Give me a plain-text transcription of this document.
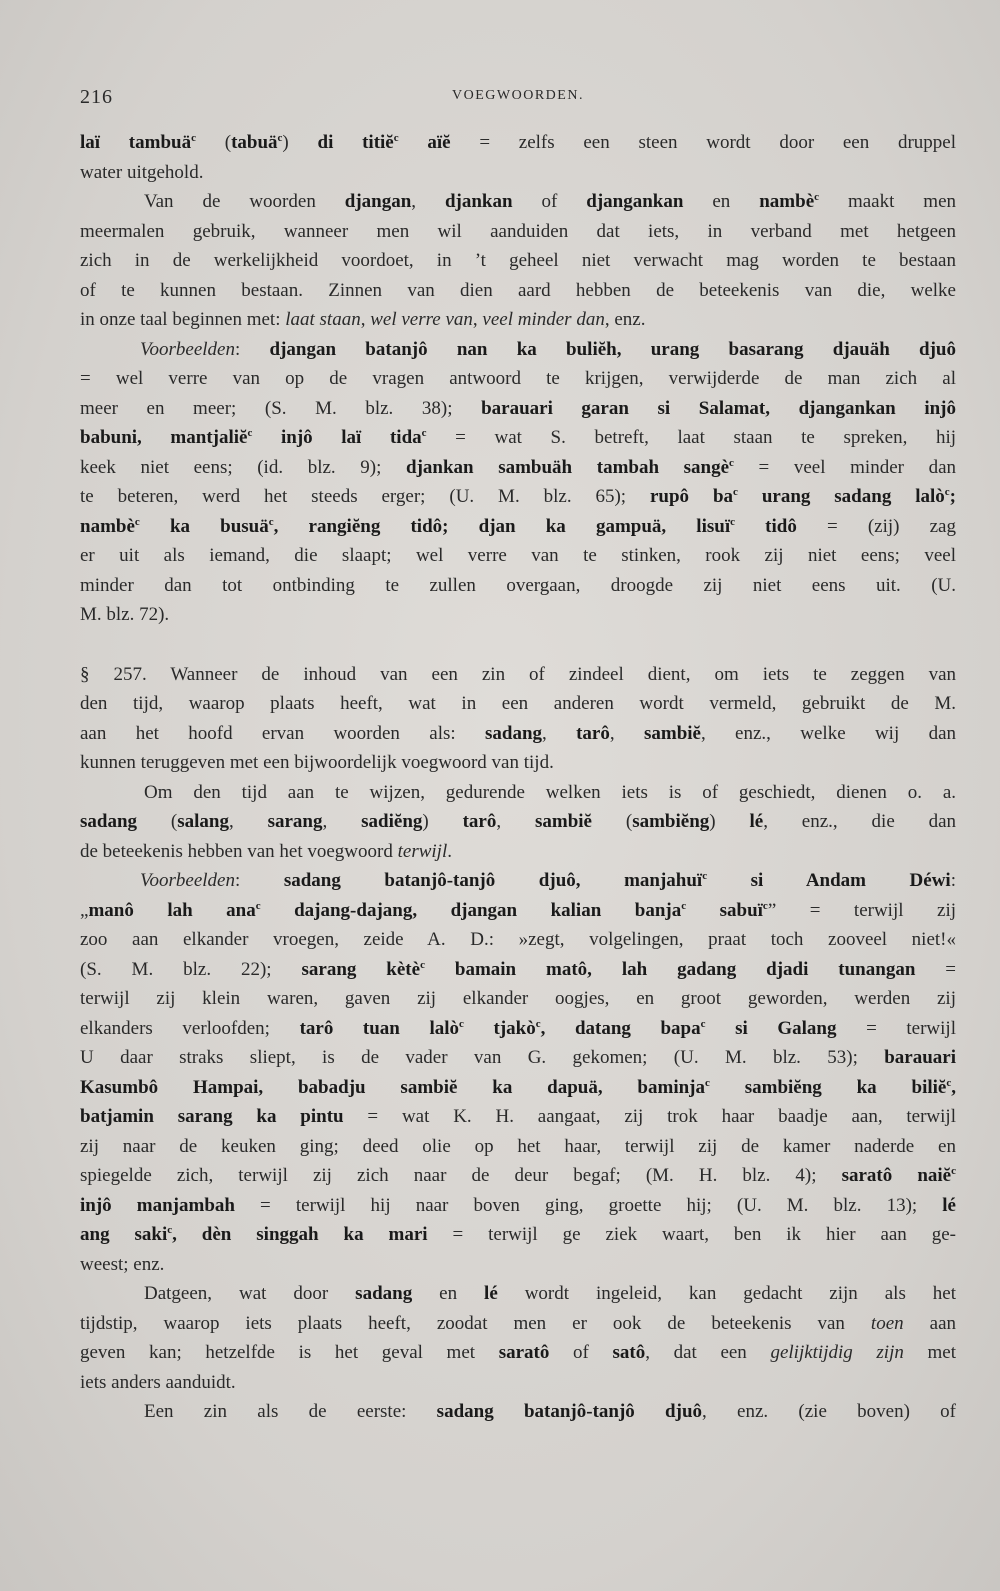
216	VOEGWOORDEN.
laï tambuä$^c$ (tabuä$^c$) di titiĕ$^c$ aïĕ = zelfs een steen wordt door een druppel
water uitgehold.
Van de woorden djangan, djankan of djangankan en nambè$^c$ maakt men
meermalen gebruik, wanneer men wil aanduiden dat iets, in verband met hetgeen
zich in de werkelijkheid voordoet, in ’t geheel niet verwacht mag worden te bestaan
of te kunnen bestaan. Zinnen van dien aard hebben de beteekenis van die, welke
in onze taal beginnen met: laat staan, wel verre van, veel minder dan, enz.
Voorbeelden: djangan batanjô nan ka buliĕh, urang basarang djauäh djuô
= wel verre van op de vragen antwoord te krijgen, verwijderde de man zich al
meer en meer; (S. M. blz. 38); barauari garan si Salamat, djangankan injô
babuni, mantjaliĕ$^c$ injô laï tida$^c$ = wat S. betreft, laat staan te spreken, hij
keek niet eens; (id. blz. 9); djankan sambuäh tambah sangè$^c$ = veel minder dan
te beteren, werd het steeds erger; (U. M. blz. 65); rupô $ba^c$ urang sadang lalò$^c$;
nambè$^c$ ka busuä$^c$, rangiĕng tidô; djan ka gampuä, lisuï$^c$ tidô = (zij) zag
er uit als iemand, die slaapt; wel verre van te stinken, rook zij niet eens; veel
minder dan tot ontbinding te zullen overgaan, droogde zij niet eens uit. (U.
M. blz. 72).
§ 257. Wanneer de inhoud van een zin of zindeel dient, om iets te zeggen van
den tijd, waarop plaats heeft, wat in een anderen wordt vermeld, gebruikt de M.
aan het hoofd ervan woorden als: sadang, tarô, sambiĕ, enz., welke wij dan
kunnen teruggeven met een bijwoordelijk voegwoord van tijd.
Om den tijd aan te wijzen, gedurende welken iets is of geschiedt, dienen o. a.
sadang (salang, sarang, sadiĕng) tarô, sambiĕ (sambiĕng) lé, enz., die dan
de beteekenis hebben van het voegwoord terwijl.
Voorbeelden: sadang batanjô-tanjô djuô, manjahuï$^c$ si Andam Déwi:
„manô lah ana$^c$ dajang-dajang, djangan kalian banja$^c$ sabuï$^c$” = terwijl zij
zoo aan elkander vroegen, zeide A. D.: »zegt, volgelingen, praat toch zooveel niet!«
(S. M. blz. 22); sarang kètè$^c$ bamain matô, lah gadang djadi tunangan =
terwijl zij klein waren, gaven zij elkander oogjes, en groot geworden, werden zij
elkanders verloofden; tarô tuan lalò$^c$ tjakò$^c$, datang bapa$^c$ si Galang = terwijl
U daar straks sliept, is de vader van G. gekomen; (U. M. blz. 53); barauari
Kasumbô Hampai, babadju sambiĕ ka dapuä, baminja$^c$ sambiĕng ka biliĕ$^c$,
batjamin sarang ka pintu = wat K. H. aangaat, zij trok haar baadje aan, terwijl
zij naar de keuken ging; deed olie op het haar, terwijl zij de kamer naderde en
spiegelde zich, terwijl zij zich naar de deur begaf; (M. H. blz. 4); saratô naiĕ$^c$
injô manjambah = terwijl hij naar boven ging, groette hij; (U. M. blz. 13); lé
ang saki$^c$, dèn singgah ka mari = terwijl ge ziek waart, ben ik hier aan ge-
weest; enz.
Datgeen, wat door sadang en lé wordt ingeleid, kan gedacht zijn als het
tijdstip, waarop iets plaats heeft, zoodat men er ook de beteekenis van toen aan
geven kan; hetzelfde is het geval met saratô of satô, dat een gelijktijdig zijn met
iets anders aanduidt.
Een zin als de eerste: sadang batanjô-tanjô djuô, enz. (zie boven) of
